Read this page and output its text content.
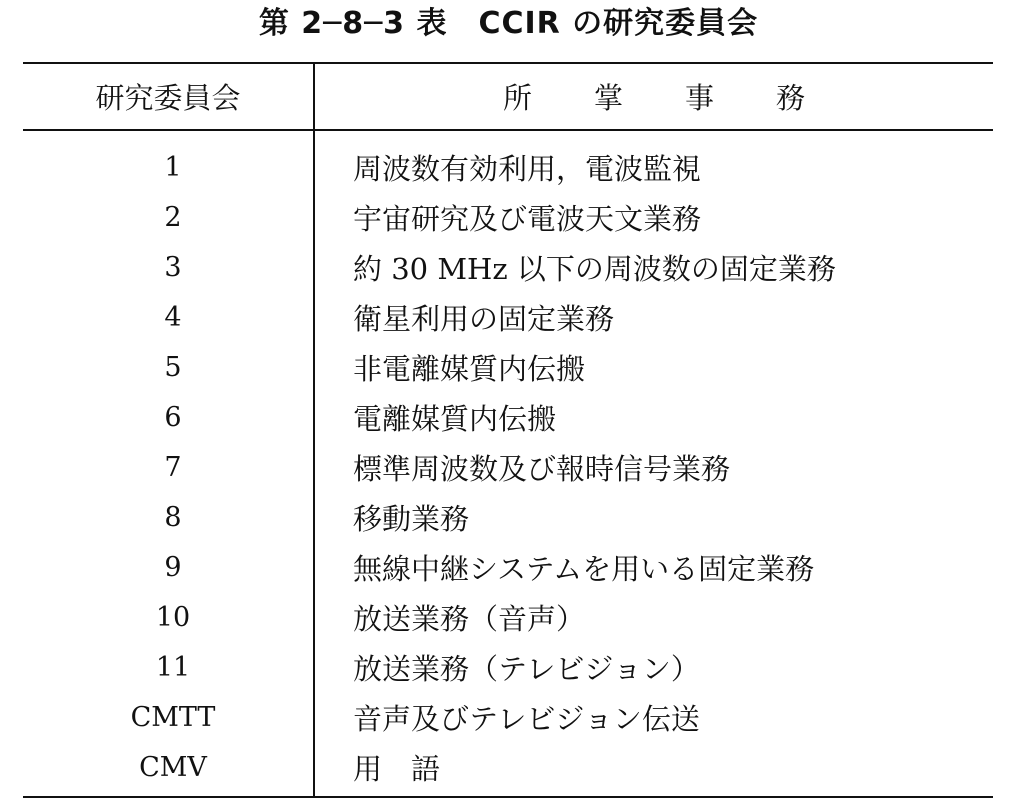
第 2─8─3 表　CCIR の研究委員会
研究委員会	所掌事務
1	周波数有効利用，電波監視
2	宇宙研究及び電波天文業務
3	約 30 MHz 以下の周波数の固定業務
4	衛星利用の固定業務
5	非電離媒質内伝搬
6	電離媒質内伝搬
7	標準周波数及び報時信号業務
8	移動業務
9	無線中継システムを用いる固定業務
10	放送業務（音声）
11	放送業務（テレビジョン）
CMTT	音声及びテレビジョン伝送
CMV	用　語
